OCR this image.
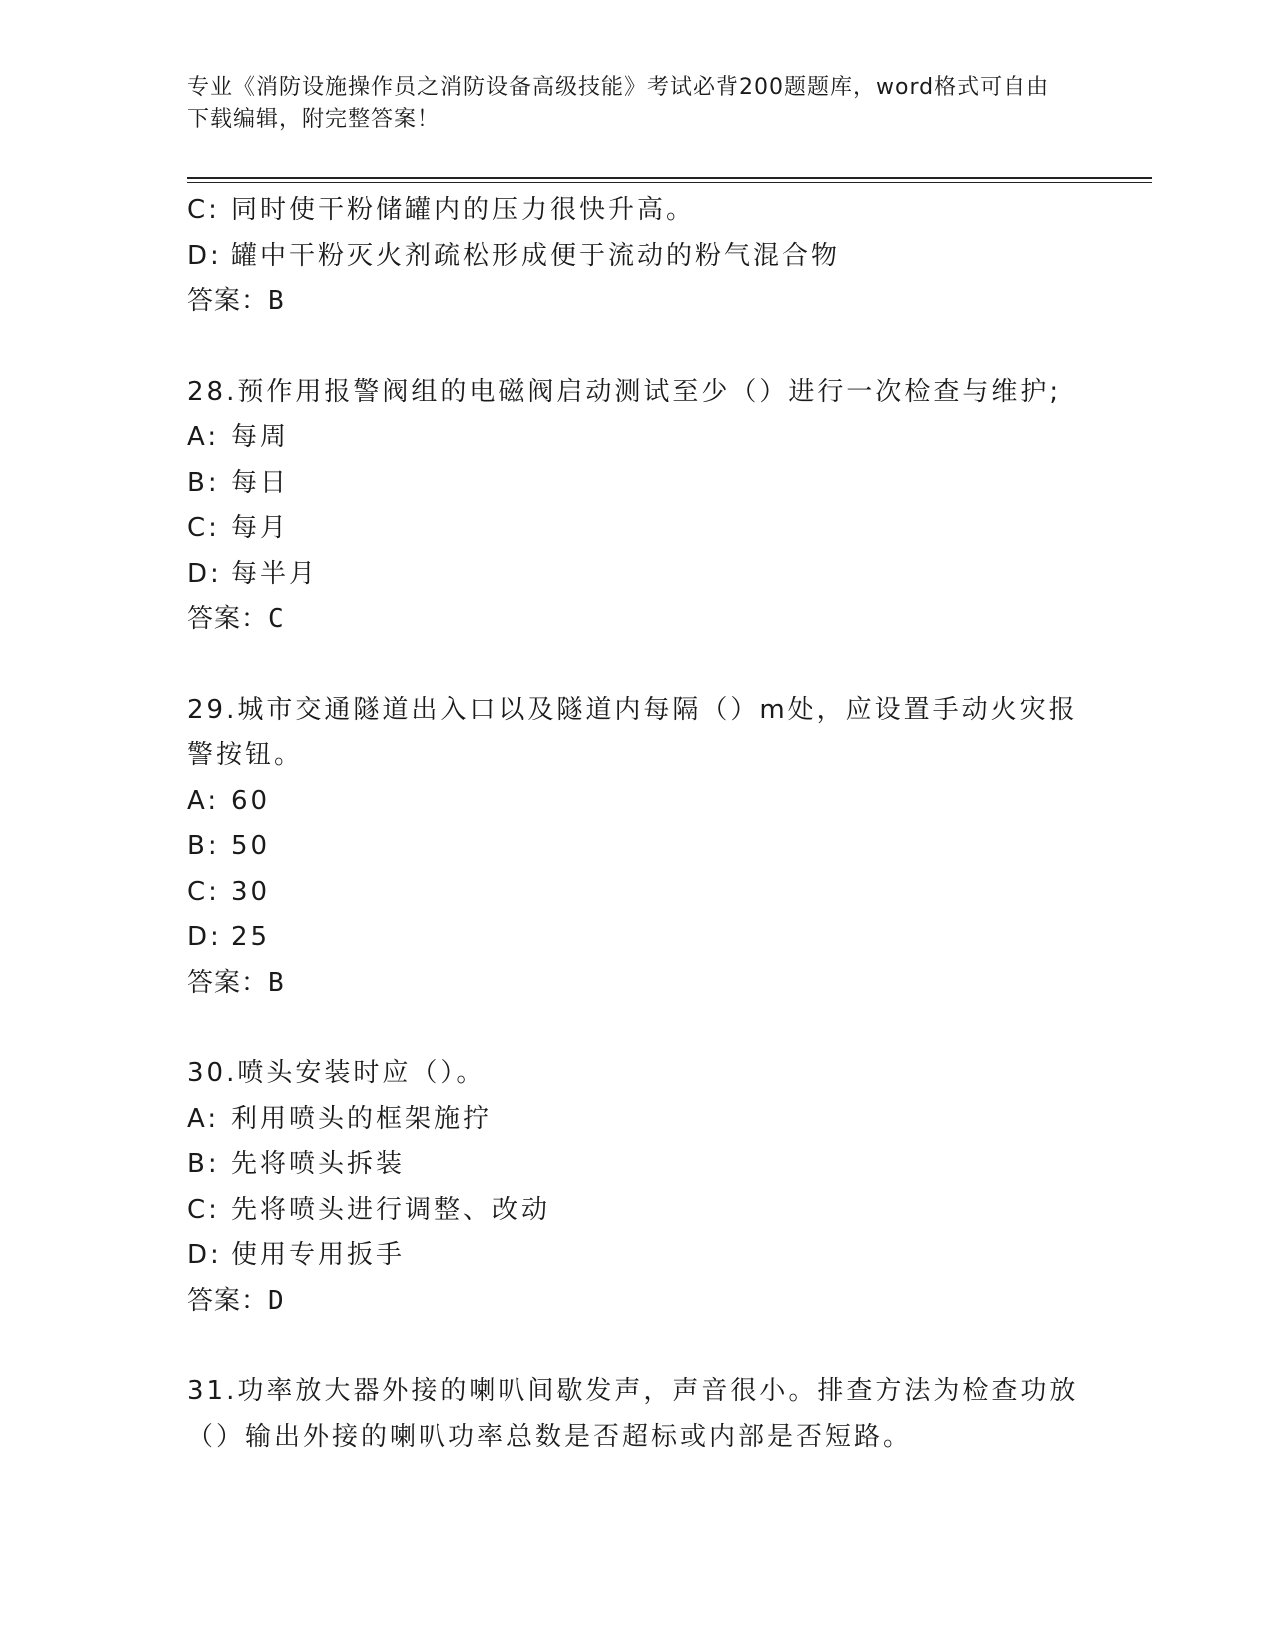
专业《消防设施操作员之消防设备高级技能》考试必背200题题库，word格式可自由下载编辑，附完整答案！
C: 同时使干粉储罐内的压力很快升高。
D: 罐中干粉灭火剂疏松形成便于流动的粉气混合物
答案：B
28.预作用报警阀组的电磁阀启动测试至少（）进行一次检查与维护;
A: 每周
B: 每日
C: 每月
D: 每半月
答案：C
29.城市交通隧道出入口以及隧道内每隔（）m处，应设置手动火灾报警按钮。
A: 60
B: 50
C: 30
D: 25
答案：B
30.喷头安装时应（）。
A: 利用喷头的框架施拧
B: 先将喷头拆装
C: 先将喷头进行调整、改动
D: 使用专用扳手
答案：D
31.功率放大器外接的喇叭间歇发声，声音很小。排查方法为检查功放（）输出外接的喇叭功率总数是否超标或内部是否短路。
